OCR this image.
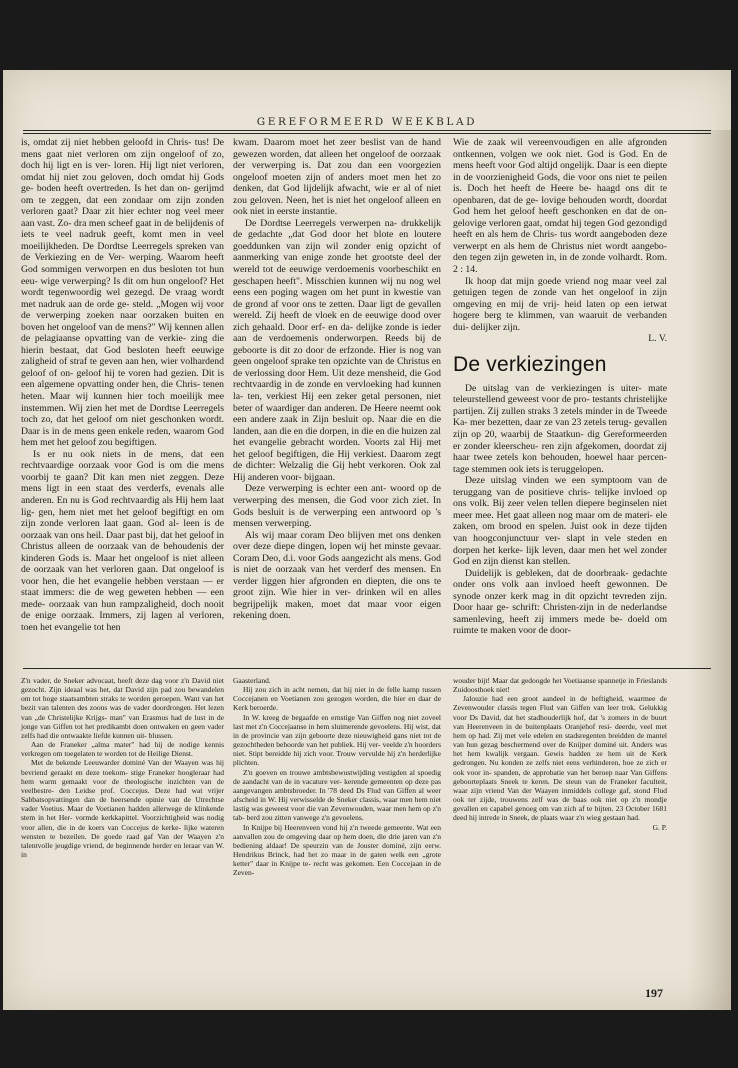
GEREFORMEERD WEEKBLAD

is, omdat zij niet hebben geloofd in Chris- tus! De mens gaat niet verloren om zijn ongeloof of zo, doch hij ligt en is ver- loren. Hij ligt niet verloren, omdat hij niet zou geloven, doch omdat hij Gods ge- boden heeft overtreden. Is het dan on- gerijmd om te zeggen, dat een zondaar om zijn zonden verloren gaat? Daar zit hier echter nog veel meer aan vast. Zo- dra men scheef gaat in de belijdenis of iets te veel nadruk geeft, komt men in veel moeilijkheden. De Dordtse Leerregels spreken van de Verkiezing en de Ver- werping. Waarom heeft God sommigen verworpen en dus besloten tot hun eeu- wige verwerping? Is dit om hun ongeloof? Het wordt tegenwoordig wel gezegd. De vraag wordt met nadruk aan de orde ge- steld. „Mogen wij voor de verwerping zoeken naar oorzaken buiten en boven het ongeloof van de mens?" Wij kennen allen de pelagiaanse opvatting van de verkie- zing die hierin bestaat, dat God besloten heeft eeuwige zaligheid of straf te geven aan hen, wier volhardend geloof of on- geloof hij te voren had gezien. Dit is een algemene opvatting onder hen, die Chris- tenen heten. Maar wij kunnen hier toch moeilijk mee instemmen. Wij zien het met de Dordtse Leerregels toch zo, dat het geloof om niet geschonken wordt. Daar is in de mens geen enkele reden, waarom God hem met het geloof zou begiftigen.

Is er nu ook niets in de mens, dat een rechtvaardige oorzaak voor God is om die mens voorbij te gaan? Dit kan men niet zeggen. Deze mens ligt in een staat des verderfs, evenals alle anderen. En nu is God rechtvaardig als Hij hem laat lig- gen, hem niet met het geloof begiftigt en om zijn zonde verloren laat gaan. God al- leen is de oorzaak van ons heil. Daar past bij, dat het geloof in Christus alleen de oorzaak van de behoudenis der kinderen Gods is. Maar het ongeloof is niet alleen de oorzaak van het verloren gaan. Dat ongeloof is voor hen, die het evangelie hebben verstaan — er staat immers: die de weg geweten hebben — een mede- oorzaak van hun rampzaligheid, doch nooit de enige oorzaak. Immers, zij lagen al verloren, toen het evangelie tot hen

kwam. Daarom moet het zeer beslist van de hand gewezen worden, dat alleen het ongeloof de oorzaak der verwerping is. Dat zou dan een voorgezien ongeloof moeten zijn of anders moet men het zo denken, dat God lijdelijk afwacht, wie er al of niet zou geloven. Neen, het is niet het ongeloof alleen en ook niet in eerste instantie.

De Dordtse Leerregels verwerpen na- drukkelijk de gedachte „dat God door het blote en loutere goeddunken van zijn wil zonder enig opzicht of aanmerking van enige zonde het grootste deel der wereld tot de eeuwige verdoemenis voorbeschikt en geschapen heeft". Misschien kunnen wij nu nog wel eens een poging wagen om het punt in kwestie van de grond af voor ons te zetten. Daar ligt de gevallen wereld. Zij heeft de vloek en de eeuwige dood over zich gehaald. Door erf- en da- delijke zonde is ieder aan de verdoemenis onderworpen. Reeds bij de geboorte is dit zo door de erfzonde. Hier is nog van geen ongeloof sprake ten opzichte van de Christus en de verlossing door Hem. Uit deze mensheid, die God rechtvaardig in de zonde en vervloeking had kunnen la- ten, verkiest Hij een zeker getal personen, niet beter of waardiger dan anderen. De Heere neemt ook een andere zaak in Zijn besluit op. Naar die en die landen, aan die en die dorpen, in die en die huizen zal het evangelie gebracht worden. Voorts zal Hij met het geloof begiftigen, die Hij verkiest. Daarom zegt de dichter: Welzalig die Gij hebt verkoren. Ook zal Hij anderen voor- bijgaan.

Deze verwerping is echter een ant- woord op de verwerping des mensen, die God voor zich ziet. In Gods besluit is de verwerping een antwoord op 's mensen verwerping.

Als wij maar coram Deo blijven met ons denken over deze diepe dingen, lopen wij het minste gevaar. Coram Deo, d.i. voor Gods aangezicht als mens. God is niet de oorzaak van het verderf des mensen. En verder liggen hier afgronden en diepten, die ons te groot zijn. Wie hier in ver- drinken wil en alles begrijpelijk maken, moet dat maar voor eigen rekening doen.

Wie de zaak wil vereenvoudigen en alle afgronden ontkennen, volgen we ook niet. God is God. En de mens heeft voor God altijd ongelijk. Daar is een diepte in de voorzienigheid Gods, die voor ons niet te peilen is. Doch het heeft de Heere be- haagd ons dit te openbaren, dat de ge- lovige behouden wordt, doordat God hem het geloof heeft geschonken en dat de on- gelovige verloren gaat, omdat hij tegen God gezondigd heeft en als hem de Chris- tus wordt aangeboden deze verwerpt en als hem de Christus niet wordt aangebo- den tegen zijn geweten in, in de zonde volhardt. Rom. 2 : 14.

Ik hoop dat mijn goede vriend nog maar veel zal getuigen tegen de zonde van het ongeloof in zijn omgeving en mij de vrij- heid laten op een ietwat hogere berg te klimmen, van waaruit de verbanden dui- delijker zijn.

L. V.

De verkiezingen

De uitslag van de verkiezingen is uiter- mate teleurstellend geweest voor de pro- testants christelijke partijen. Zij zullen straks 3 zetels minder in de Tweede Ka- mer bezetten, daar ze van 23 zetels terug- gevallen zijn op 20, waarbij de Staatkun- dig Gereformeerden er zonder kleerscheu- ren zijn afgekomen, doordat zij haar twee zetels kon behouden, hoewel haar percen- tage stemmen ook iets is teruggelopen.

Deze uitslag vinden we een symptoom van de teruggang van de positieve chris- telijke invloed op ons volk. Bij zeer velen tellen diepere beginselen niet meer mee. Het gaat alleen nog maar om de materi- ele zaken, om brood en spelen. Juist ook in deze tijden van hoogconjunctuur ver- slapt in vele steden en dorpen het kerke- lijk leven, daar men het wel zonder God en zijn dienst kan stellen.

Duidelijk is gebleken, dat de doorbraak- gedachte onder ons volk aan invloed heeft gewonnen. De synode onzer kerk mag in dit opzicht tevreden zijn. Door haar ge- schrift: Christen-zijn in de nederlandse samenleving, heeft zij immers mede be- doeld om ruimte te maken voor de door-

Z'n vader, de Sneker advocaat, heeft deze dag voor z'n David niet gezocht. Zijn ideaal was het, dat David zijn pad zou bewandelen om tot hoge staatsambten straks te worden geroepen. Want van het bezit van talenten des zoons was de vader doordrongen. Het lezen van „de Christelijke Krijgs- man" van Erasmus had de lust in de jonge van Giffen tot het predikambt doen ontwaken en geen vader zelfs had die ontwaakte liefde kunnen uit- blussen.

Aan de Franeker „alma mater" had hij de nodige kennis verkregen om toegelaten te worden tot de Heilige Dienst.

Met de bekende Leeuwarder dominé Van der Waayen was hij bevriend geraakt en deze toekom- stige Franeker hoogleraar had hem warm gemaakt voor de theologische inzichten van de veelbestre- den Leidse prof. Coccejus. Deze had wat vrijer Sabbatsopvattingen dan de heersende opinie van de Utrechtse vader Voetius. Maar de Voetianen hadden allerwege de klinkende stem in het Her- vormde kerkkapittel. Voorzichtigheid was nodig voor allen, die in de koers van Coccejus de kerke- lijke wateren wensten te bezeilen. De goede raad gaf Van der Waayen z'n talentvolle jeugdige vriend, de beginnende herder en leraar van W. in

Gaasterland.

Hij zou zich in acht nemen, dat hij niet in de felle kamp tussen Coccejanen en Voetianen zou gezogen worden, die hier en daar de Kerk beroerde.

In W. kreeg de begaafde en ernstige Van Giffen nog niet zoveel last met z'n Coccejaanse in hem sluimerende gevoelens. Hij wist, dat in de provincie van zijn geboorte deze nieuwigheid gans niet tot de gezochtheden behoorde van het publiek. Hij ver- veelde z'n hoorders niet. Stipt bereidde hij zich voor. Trouw vervulde hij z'n herderlijke plichten.

Z'n goeven en trouwe ambtsbewustwijding vestigden al spoedig de aandacht van de in vacature ver- kerende gemeenten op deze pas aangevangen ambtsbroeder. In '78 deed Ds Flud van Giffen al weer afscheid in W. Hij verwisselde de Sneker classis, waar men hem niet lastig was geweest voor die van Zevenwouden, waar men hem op z'n tab- berd zou zitten vanwege z'n gevoelens.

In Knijpe bij Heerenveen vond hij z'n tweede gemeente. Wat een aanvallen zou de omgeving daar op hem doen, die drie jaren van z'n bediening aldaar! De speurzin van de Jouster dominé, zijn eerw. Hendrikus Brinck, had het zo maar in de gaten welk een „grote ketter" daar in Knijpe te- recht was gekomen. Een Coccejaan in de Zeven-

wouder bijt! Maar dat gedoogde het Voetiaanse spannetje in Frieslands Zuidoosthoek niet!

Jalouzie had een groot aandeel in de heftigheid, waarmee de Zevenwouder classis tegen Flud van Giffen van leer trok. Gelukkig voor Ds David, dat het stadhouderlijk hof, dat 's zomers in de buurt van Heerenveen in de buitenplaats Oranjehof resi- deerde, veel met hem op had. Zij met vele edelen en stadsregenten breidden de mantel van hun gezag beschermend over de Knijper dominé uit. Anders was het hem kwalijk vergaan. Gewis hadden ze hem uit de Kerk gedrongen. Nu konden ze zelfs niet eens verhinderen, hoe ze zich er ook voor in- spanden, de approbatie van het beroep naar Van Giffens geboorteplaats Sneek te keren. De steun van de Franeker faculteit, waar zijn vriend Van der Waayen inmiddels college gaf, stond Flud ook ter zijde, trouwens zelf was de baas ook niet op z'n mondje gevallen en capabel genoeg om van zich af te bijten. 23 October 1681 deed hij intrede in Sneek, de plaats waar z'n wieg gestaan had.

G. P.

197
